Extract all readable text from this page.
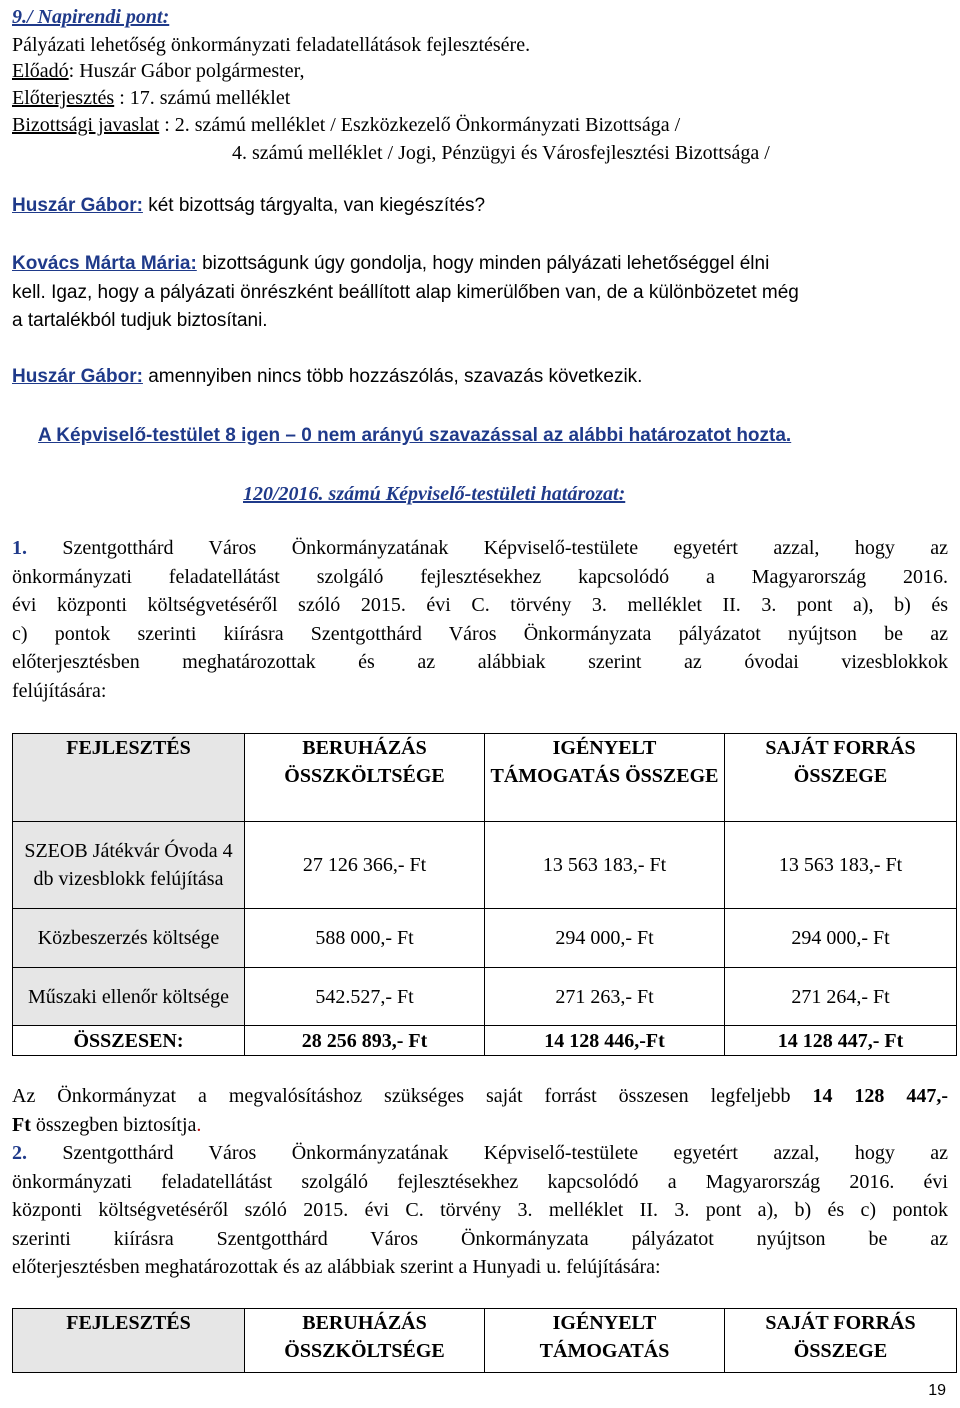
9./ Napirendi pont:
Pályázati lehetőség önkormányzati feladatellátások fejlesztésére.
Előadó: Huszár Gábor polgármester,
Előterjesztés : 17. számú melléklet
Bizottsági javaslat : 2. számú melléklet / Eszközkezelő Önkormányzati Bizottsága /
4. számú melléklet / Jogi, Pénzügyi és Városfejlesztési Bizottsága /
Huszár Gábor: két bizottság tárgyalta, van kiegészítés?
Kovács Márta Mária: bizottságunk úgy gondolja, hogy minden pályázati lehetőséggel élni
kell. Igaz, hogy a pályázati önrészként beállított alap kimerülőben van, de a különbözetet még
a tartalékból tudjuk biztosítani.
Huszár Gábor: amennyiben nincs több hozzászólás, szavazás következik.
A Képviselő-testület 8 igen – 0 nem arányú szavazással az alábbi határozatot hozta.
120/2016. számú Képviselő-testületi határozat:
1. Szentgotthárd Város Önkormányzatának Képviselő-testülete egyetért azzal, hogy az
önkormányzati feladatellátást szolgáló fejlesztésekhez kapcsolódó a Magyarország 2016.
évi központi költségvetéséről szóló 2015. évi C. törvény 3. melléklet II. 3. pont a), b) és
c) pontok szerinti kiírásra Szentgotthárd Város Önkormányzata pályázatot nyújtson be az
előterjesztésben meghatározottak és az alábbiak szerint az óvodai vizesblokkok
felújítására:
FEJLESZTÉS	BERUHÁZÁS ÖSSZKÖLTSÉGE	IGÉNYELT TÁMOGATÁS ÖSSZEGE	SAJÁT FORRÁS ÖSSZEGE
SZEOB Játékvár Óvoda 4 db vizesblokk felújítása	27 126 366,- Ft	13 563 183,- Ft	13 563 183,- Ft
Közbeszerzés költsége	588 000,- Ft	294 000,- Ft	294 000,- Ft
Műszaki ellenőr költsége	542.527,- Ft	271 263,- Ft	271 264,- Ft
ÖSSZESEN:	28 256 893,- Ft	14 128 446,-Ft	14 128 447,- Ft
Az Önkormányzat a megvalósításhoz szükséges saját forrást összesen legfeljebb 14 128 447,-
Ft összegben biztosítja.
2. Szentgotthárd Város Önkormányzatának Képviselő-testülete egyetért azzal, hogy az
önkormányzati feladatellátást szolgáló fejlesztésekhez kapcsolódó a Magyarország 2016. évi
központi költségvetéséről szóló 2015. évi C. törvény 3. melléklet II. 3. pont a), b) és c) pontok
szerinti kiírásra Szentgotthárd Város Önkormányzata pályázatot nyújtson be az
előterjesztésben meghatározottak és az alábbiak szerint a Hunyadi u. felújítására:
FEJLESZTÉS	BERUHÁZÁS ÖSSZKÖLTSÉGE	IGÉNYELT TÁMOGATÁS	SAJÁT FORRÁS ÖSSZEGE
19
